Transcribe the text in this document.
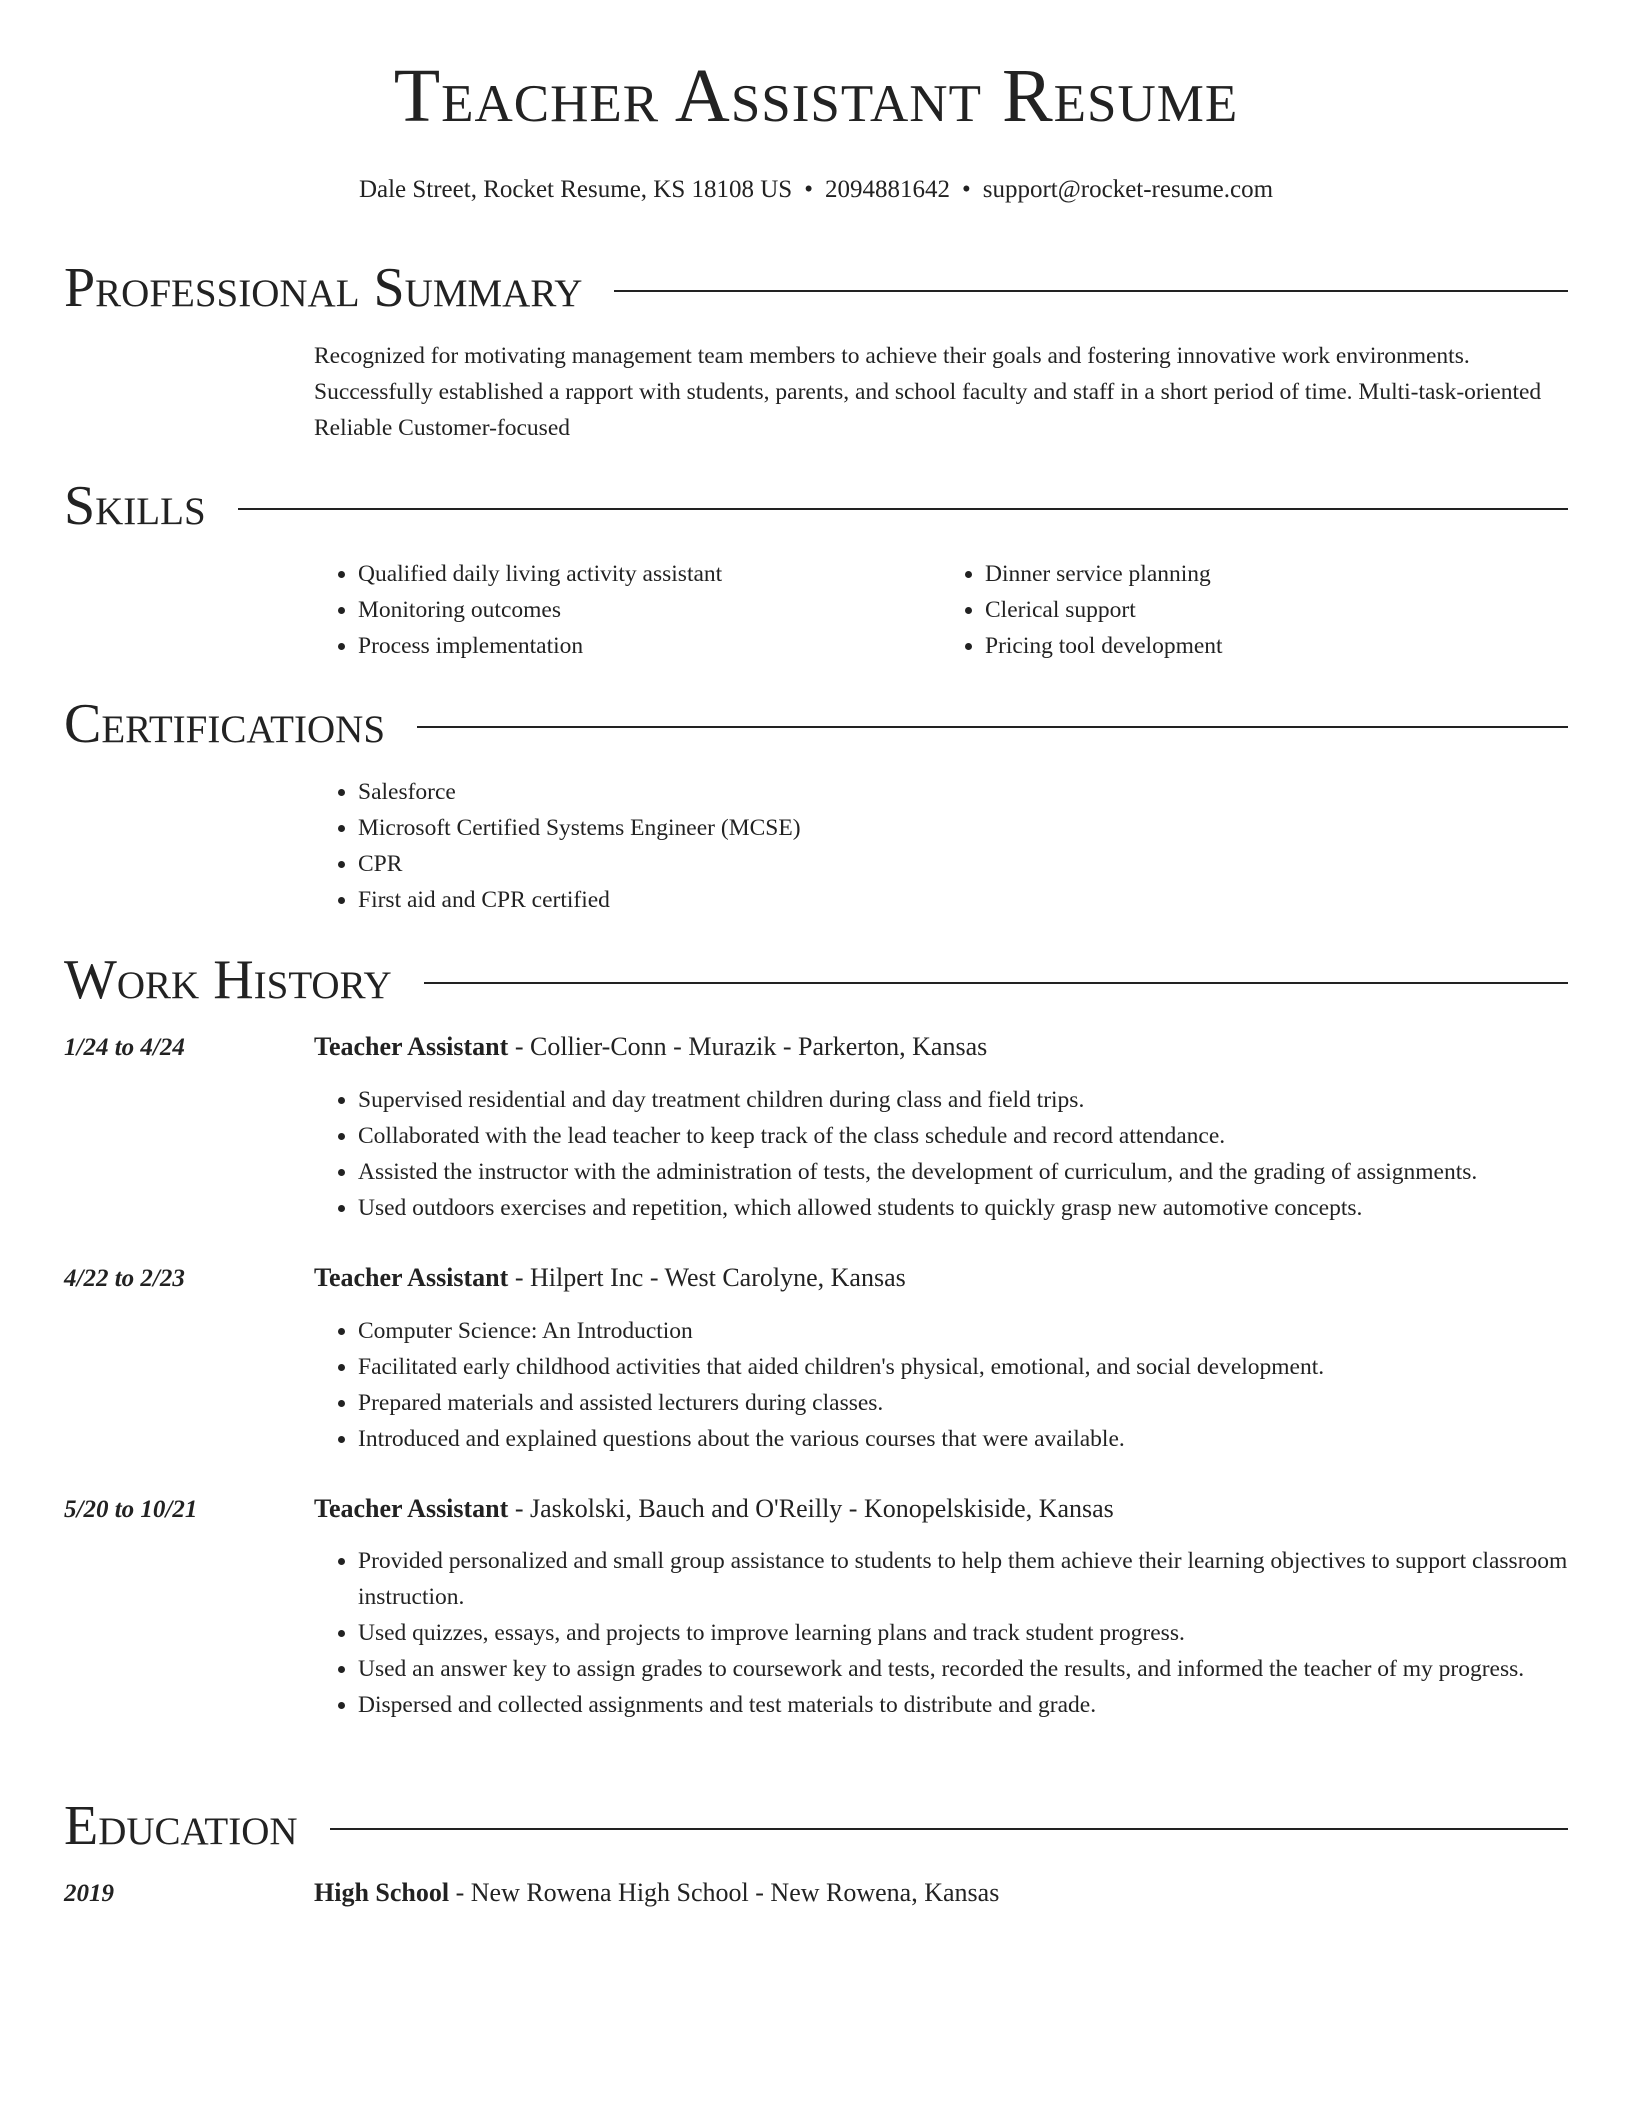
Teacher Assistant Resume
Dale Street, Rocket Resume, KS 18108 US • 2094881642 • support@rocket-resume.com
Professional Summary

Recognized for motivating management team members to achieve their goals and fostering innovative work environments. Successfully established a rapport with students, parents, and school faculty and staff in a short period of time. Multi-task-oriented Reliable Customer-focused

Skills
• Qualified daily living activity assistant
• Monitoring outcomes
• Process implementation
• Dinner service planning
• Clerical support
• Pricing tool development
Certifications
• Salesforce
• Microsoft Certified Systems Engineer (MCSE)
• CPR
• First aid and CPR certified
Work History
1/24 to 4/24	Teacher Assistant - Collier-Conn - Murazik - Parkerton, Kansas
• Supervised residential and day treatment children during class and field trips.
• Collaborated with the lead teacher to keep track of the class schedule and record attendance.
• Assisted the instructor with the administration of tests, the development of curriculum, and the grading of assignments.
• Used outdoors exercises and repetition, which allowed students to quickly grasp new automotive concepts.
4/22 to 2/23	Teacher Assistant - Hilpert Inc - West Carolyne, Kansas
• Computer Science: An Introduction
• Facilitated early childhood activities that aided children's physical, emotional, and social development.
• Prepared materials and assisted lecturers during classes.
• Introduced and explained questions about the various courses that were available.
5/20 to 10/21	Teacher Assistant - Jaskolski, Bauch and O'Reilly - Konopelskiside, Kansas
• Provided personalized and small group assistance to students to help them achieve their learning objectives to support classroom instruction.
• Used quizzes, essays, and projects to improve learning plans and track student progress.
• Used an answer key to assign grades to coursework and tests, recorded the results, and informed the teacher of my progress.
• Dispersed and collected assignments and test materials to distribute and grade.
Education
2019	High School - New Rowena High School - New Rowena, Kansas
